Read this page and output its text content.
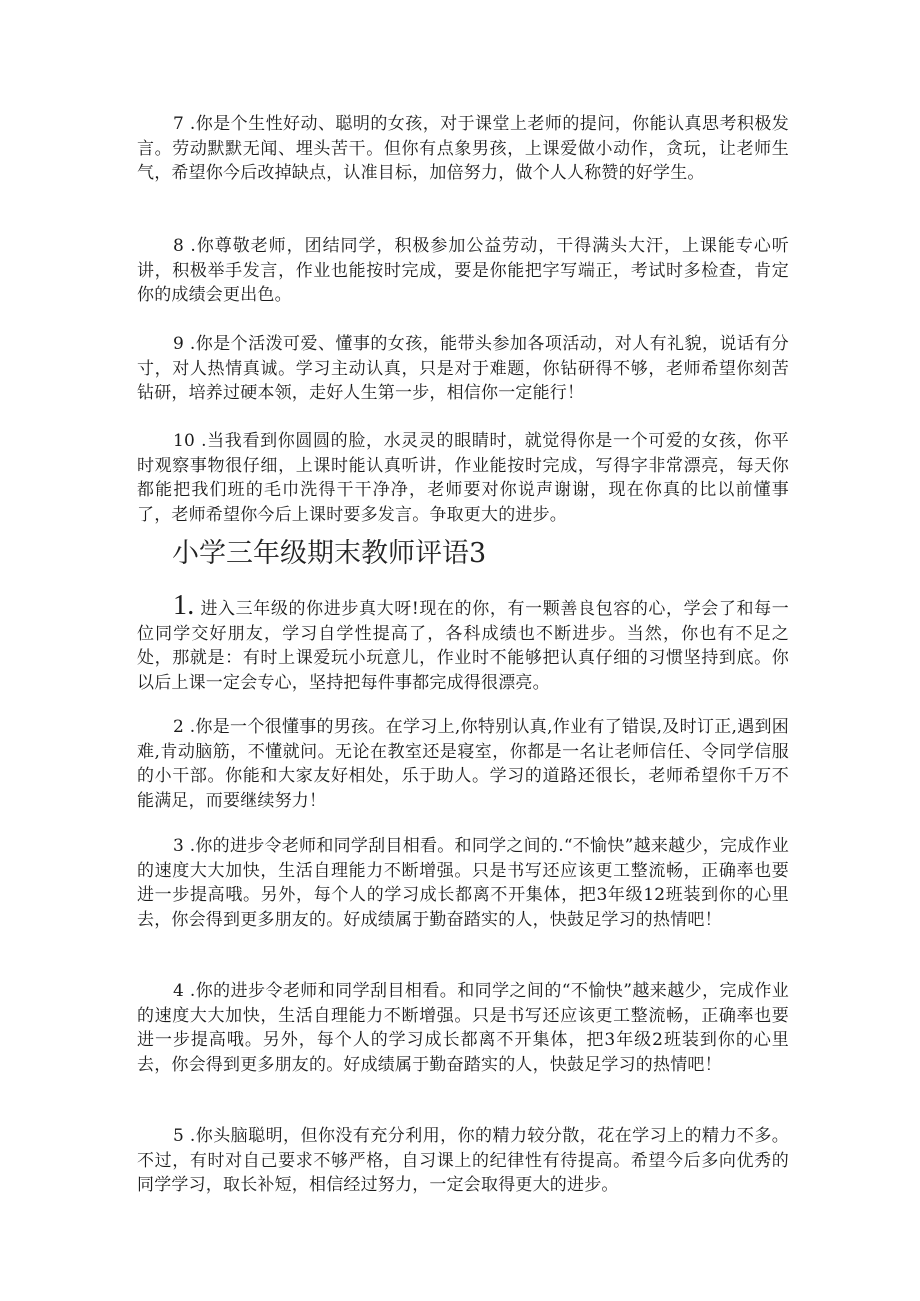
7 .你是个生性好动、聪明的女孩，对于课堂上老师的提问，你能认真思考积极发言。劳动默默无闻、埋头苦干。但你有点象男孩，上课爱做小动作，贪玩，让老师生气，希望你今后改掉缺点，认准目标，加倍努力，做个人人称赞的好学生。

8 .你尊敬老师，团结同学，积极参加公益劳动，干得满头大汗，上课能专心听讲，积极举手发言，作业也能按时完成，要是你能把字写端正，考试时多检查，肯定你的成绩会更出色。

9 .你是个活泼可爱、懂事的女孩，能带头参加各项活动，对人有礼貌，说话有分寸，对人热情真诚。学习主动认真，只是对于难题，你钻研得不够，老师希望你刻苦钻研，培养过硬本领，走好人生第一步，相信你一定能行！

10 .当我看到你圆圆的脸，水灵灵的眼睛时，就觉得你是一个可爱的女孩，你平时观察事物很仔细，上课时能认真听讲，作业能按时完成，写得字非常漂亮，每天你都能把我们班的毛巾洗得干干净净，老师要对你说声谢谢，现在你真的比以前懂事了，老师希望你今后上课时要多发言。争取更大的进步。

小学三年级期末教师评语3

1. 进入三年级的你进步真大呀!现在的你，有一颗善良包容的心，学会了和每一位同学交好朋友，学习自学性提高了，各科成绩也不断进步。当然，你也有不足之处，那就是：有时上课爱玩小玩意儿，作业时不能够把认真仔细的习惯坚持到底。你以后上课一定会专心，坚持把每件事都完成得很漂亮。

2 .你是一个很懂事的男孩。在学习上,你特别认真,作业有了错误,及时订正,遇到困难,肯动脑筋，不懂就问。无论在教室还是寝室，你都是一名让老师信任、令同学信服的小干部。你能和大家友好相处，乐于助人。学习的道路还很长，老师希望你千万不能满足，而要继续努力！

3 .你的进步令老师和同学刮目相看。和同学之间的.“不愉快”越来越少，完成作业的速度大大加快，生活自理能力不断增强。只是书写还应该更工整流畅，正确率也要进一步提高哦。另外，每个人的学习成长都离不开集体，把3年级12班装到你的心里去，你会得到更多朋友的。好成绩属于勤奋踏实的人，快鼓足学习的热情吧！

4 .你的进步令老师和同学刮目相看。和同学之间的“不愉快”越来越少，完成作业的速度大大加快，生活自理能力不断增强。只是书写还应该更工整流畅，正确率也要进一步提高哦。另外，每个人的学习成长都离不开集体，把3年级2班装到你的心里去，你会得到更多朋友的。好成绩属于勤奋踏实的人，快鼓足学习的热情吧！

5 .你头脑聪明，但你没有充分利用，你的精力较分散，花在学习上的精力不多。不过，有时对自己要求不够严格，自习课上的纪律性有待提高。希望今后多向优秀的同学学习，取长补短，相信经过努力，一定会取得更大的进步。
